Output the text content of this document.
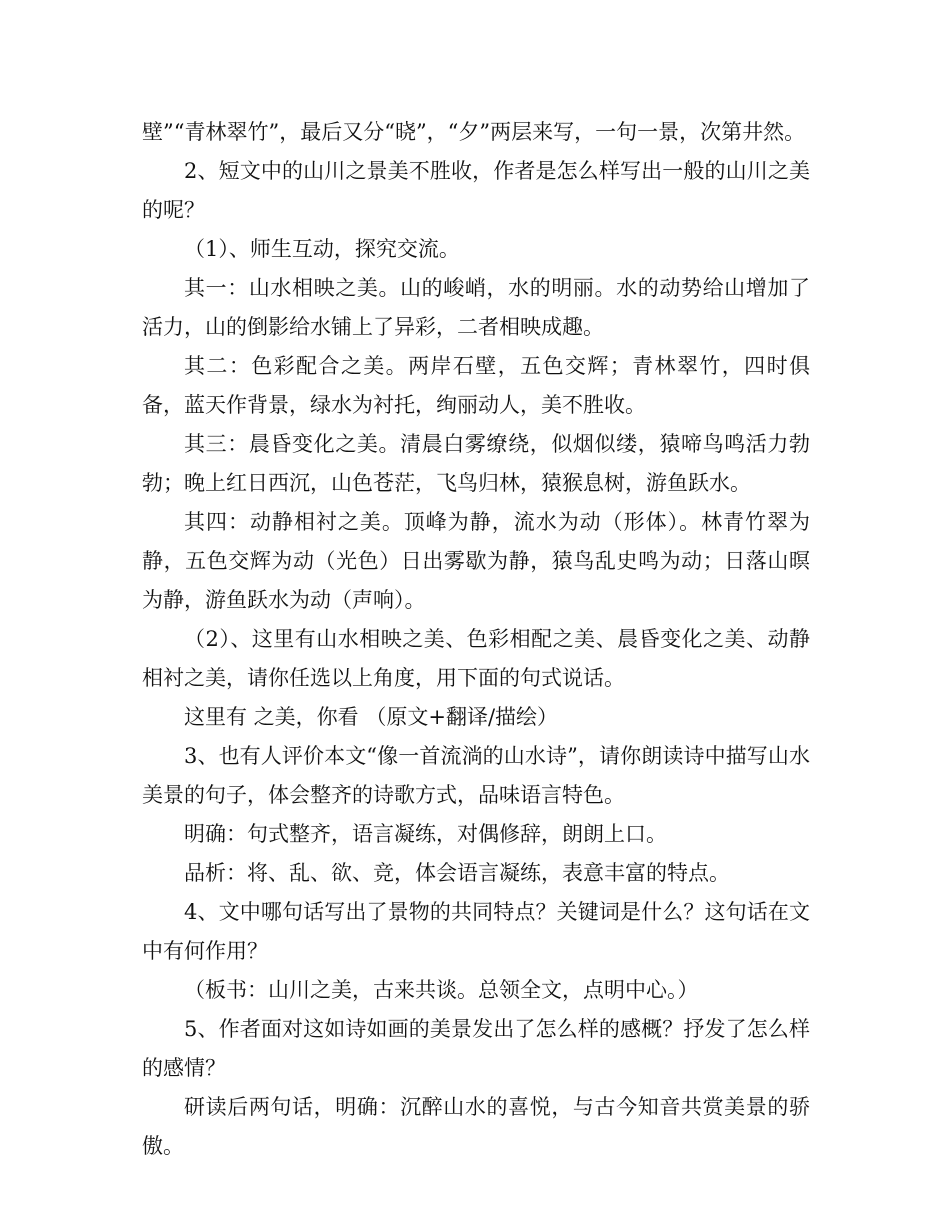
壁”“青林翠竹”，最后又分“晓”，“夕”两层来写，一句一景，次第井然。

2、短文中的山川之景美不胜收，作者是怎么样写出一般的山川之美的呢？

（1）、师生互动，探究交流。

其一：山水相映之美。山的峻峭，水的明丽。水的动势给山增加了活力，山的倒影给水铺上了异彩，二者相映成趣。

其二：色彩配合之美。两岸石壁，五色交辉；青林翠竹，四时俱备，蓝天作背景，绿水为衬托，绚丽动人，美不胜收。

其三：晨昏变化之美。清晨白雾缭绕，似烟似缕，猿啼鸟鸣活力勃勃；晚上红日西沉，山色苍茫，飞鸟归林，猿猴息树，游鱼跃水。

其四：动静相衬之美。顶峰为静，流水为动（形体）。林青竹翠为静，五色交辉为动（光色）日出雾歇为静，猿鸟乱史鸣为动；日落山暝为静，游鱼跃水为动（声响）。

（2）、这里有山水相映之美、色彩相配之美、晨昏变化之美、动静相衬之美，请你任选以上角度，用下面的句式说话。

这里有 之美，你看 （原文+翻译/描绘）

3、也有人评价本文“像一首流淌的山水诗”，请你朗读诗中描写山水美景的句子，体会整齐的诗歌方式，品味语言特色。

明确：句式整齐，语言凝练，对偶修辞，朗朗上口。

品析：将、乱、欲、竞，体会语言凝练，表意丰富的特点。

4、文中哪句话写出了景物的共同特点？关键词是什么？这句话在文中有何作用？

（板书：山川之美，古来共谈。总领全文，点明中心。）

5、作者面对这如诗如画的美景发出了怎么样的感概？抒发了怎么样的感情？

研读后两句话，明确：沉醉山水的喜悦，与古今知音共赏美景的骄傲。
